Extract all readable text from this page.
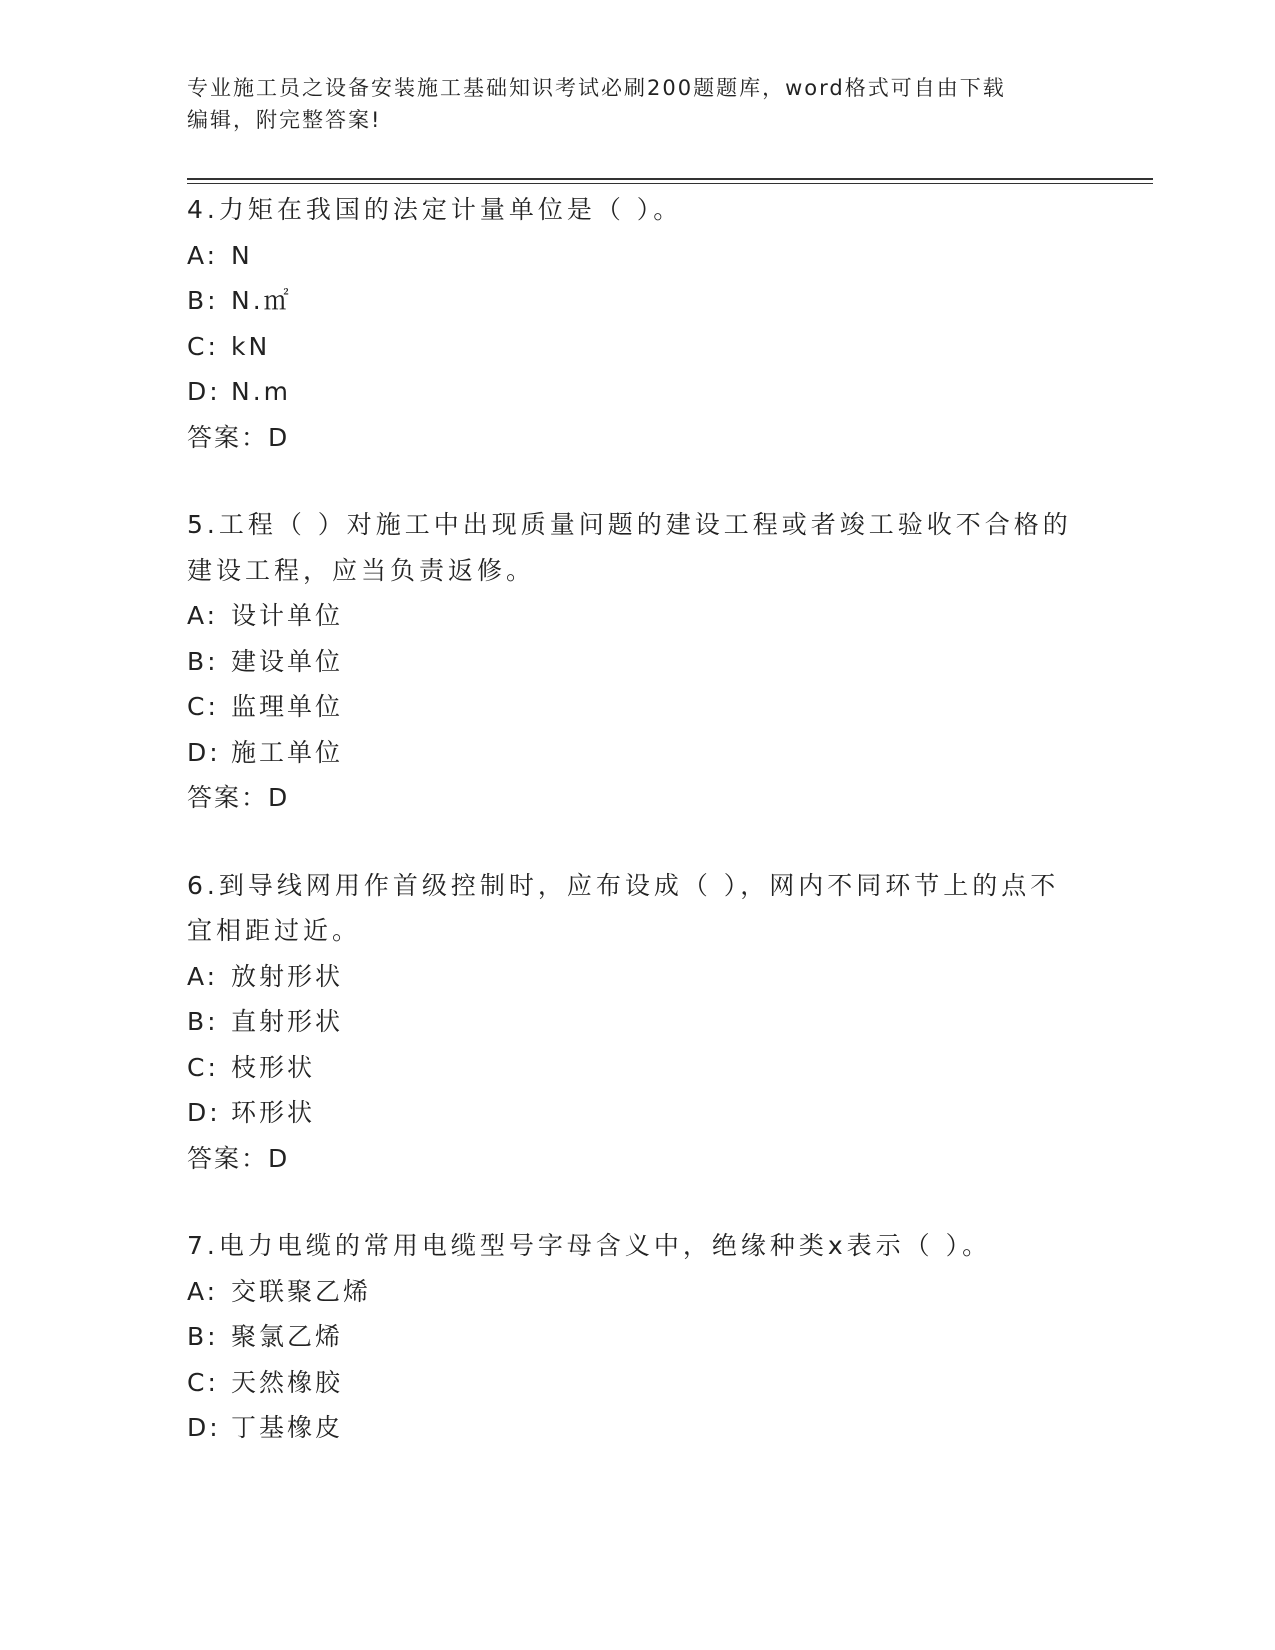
专业施工员之设备安装施工基础知识考试必刷200题题库，word格式可自由下载
编辑，附完整答案!
4.力矩在我国的法定计量单位是（ ）。
A: N
B: N.㎡
C: kN
D: N.m
答案：D
5.工程（ ）对施工中出现质量问题的建设工程或者竣工验收不合格的
建设工程，应当负责返修。
A: 设计单位
B: 建设单位
C: 监理单位
D: 施工单位
答案：D
6.到导线网用作首级控制时，应布设成（ ），网内不同环节上的点不
宜相距过近。
A: 放射形状
B: 直射形状
C: 枝形状
D: 环形状
答案：D
7.电力电缆的常用电缆型号字母含义中，绝缘种类x表示（ ）。
A: 交联聚乙烯
B: 聚氯乙烯
C: 天然橡胶
D: 丁基橡皮
